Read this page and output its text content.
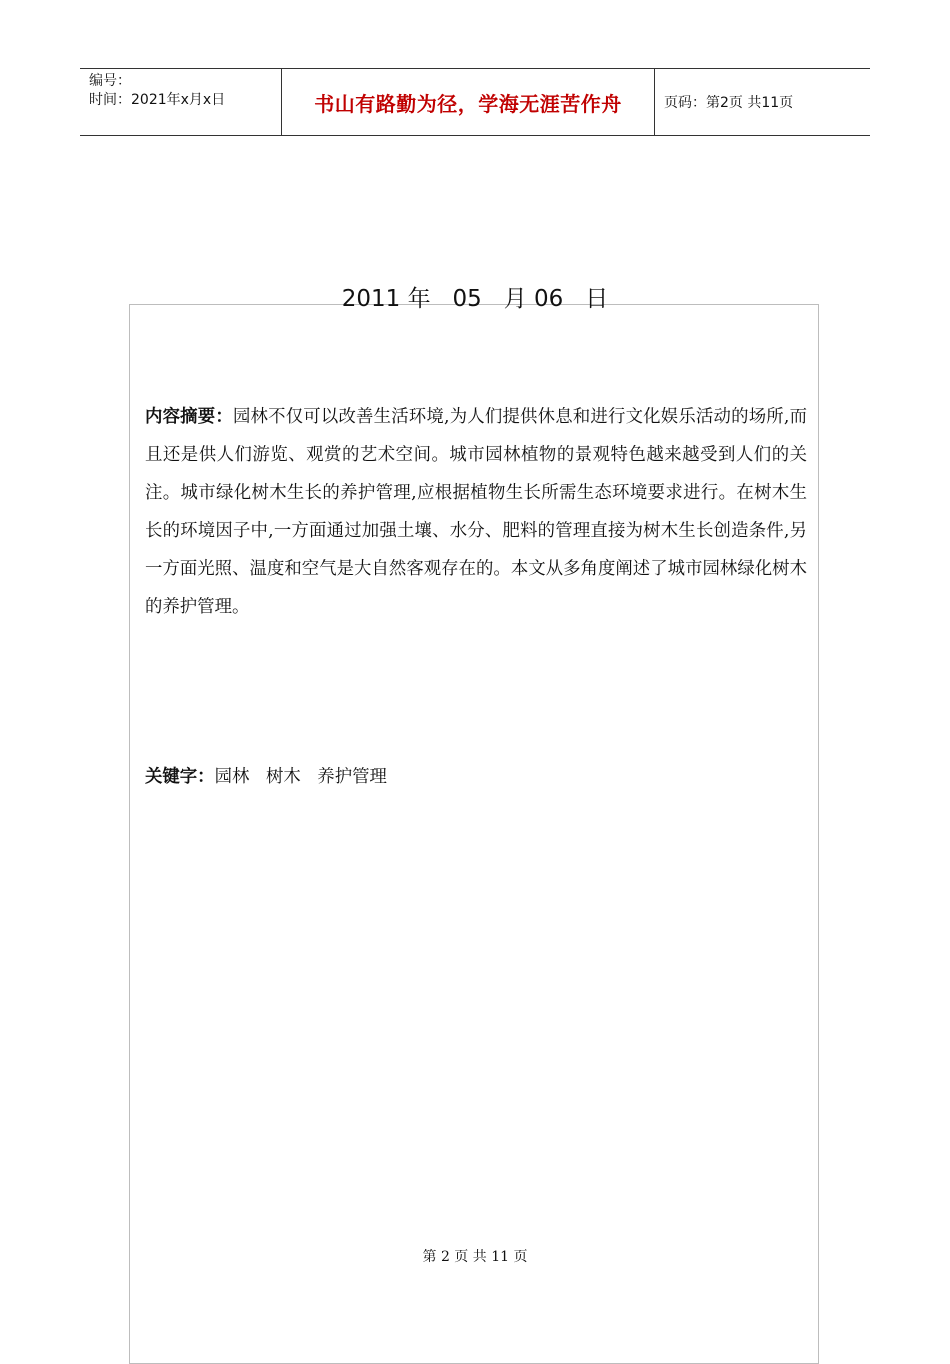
编号：
时间：2021年x月x日	书山有路勤为径，学海无涯苦作舟	页码：第2页 共11页
2011 年   05   月 06   日
内容摘要：园林不仅可以改善生活环境,为人们提供休息和进行文化娱乐活动的场所,而且还是供人们游览、观赏的艺术空间。城市园林植物的景观特色越来越受到人们的关注。城市绿化树木生长的养护管理,应根据植物生长所需生态环境要求进行。在树木生长的环境因子中,一方面通过加强土壤、水分、肥料的管理直接为树木生长创造条件,另一方面光照、温度和空气是大自然客观存在的。本文从多角度阐述了城市园林绿化树木的养护管理。
关键字：园林   树木   养护管理
第 2 页 共 11 页
